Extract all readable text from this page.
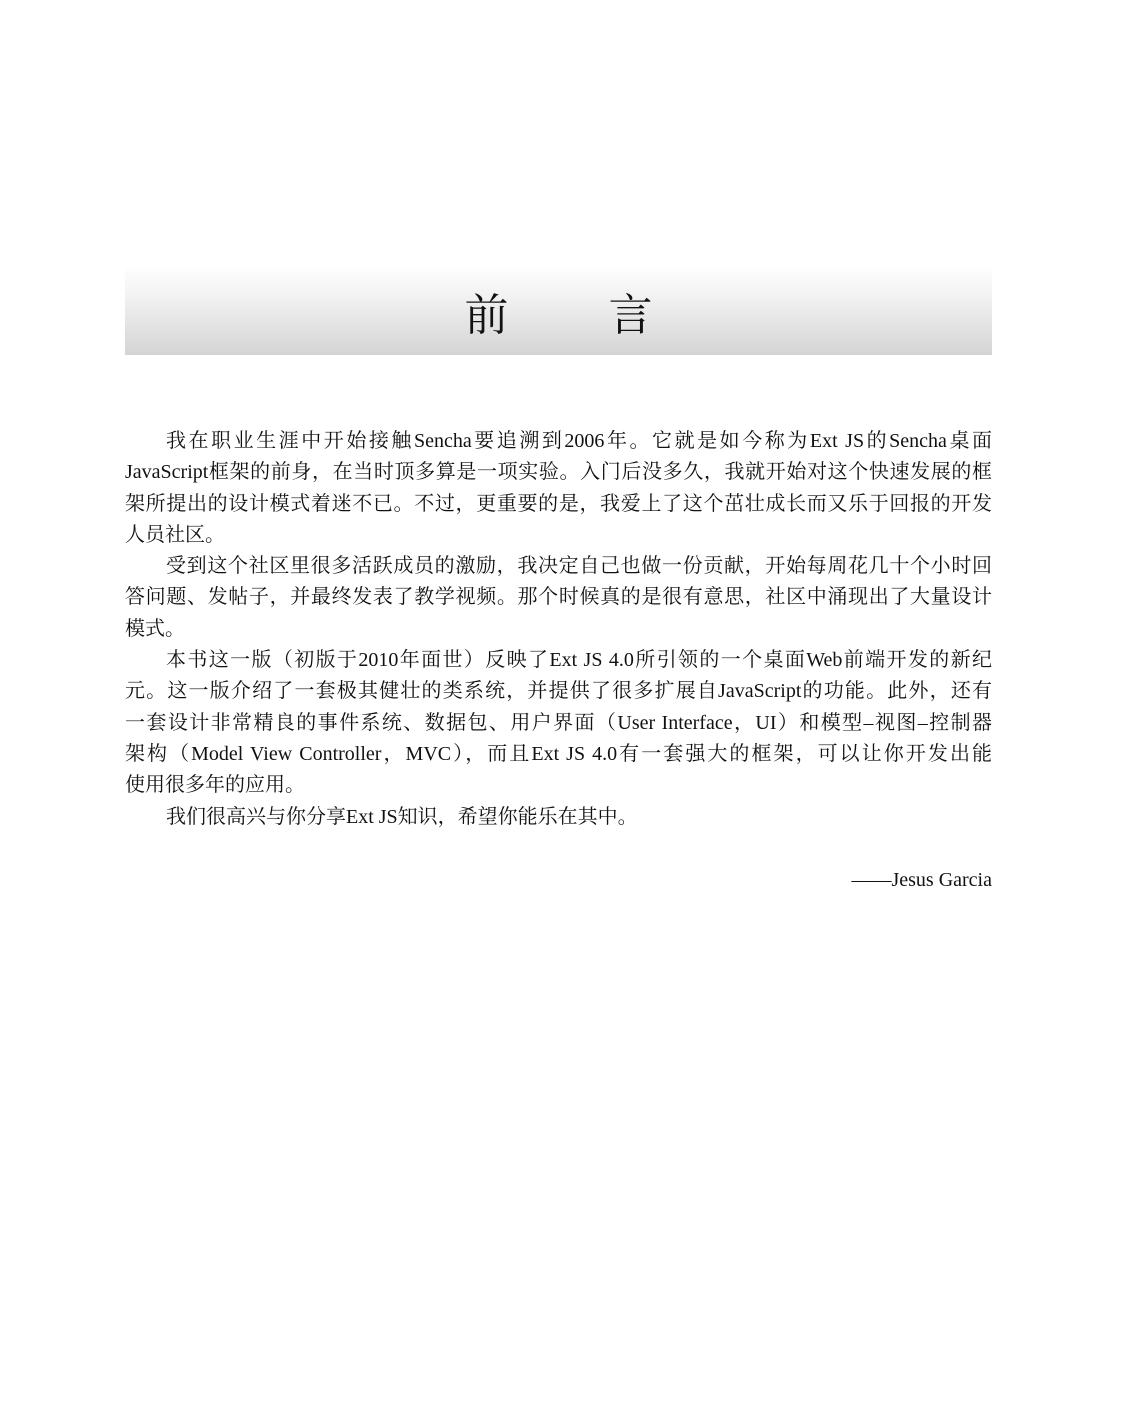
前 言
我在职业生涯中开始接触Sencha要追溯到2006年。它就是如今称为Ext JS的Sencha桌面
JavaScript框架的前身，在当时顶多算是一项实验。入门后没多久，我就开始对这个快速发展的框
架所提出的设计模式着迷不已。不过，更重要的是，我爱上了这个茁壮成长而又乐于回报的开发
人员社区。
受到这个社区里很多活跃成员的激励，我决定自己也做一份贡献，开始每周花几十个小时回
答问题、发帖子，并最终发表了教学视频。那个时候真的是很有意思，社区中涌现出了大量设计
模式。
本书这一版（初版于2010年面世）反映了Ext JS 4.0所引领的一个桌面Web前端开发的新纪
元。这一版介绍了一套极其健壮的类系统，并提供了很多扩展自JavaScript的功能。此外，还有
一套设计非常精良的事件系统、数据包、用户界面（User Interface，UI）和模型–视图–控制器
架构（Model View Controller，MVC），而且Ext JS 4.0有一套强大的框架，可以让你开发出能
使用很多年的应用。
我们很高兴与你分享Ext JS知识，希望你能乐在其中。
——Jesus Garcia
